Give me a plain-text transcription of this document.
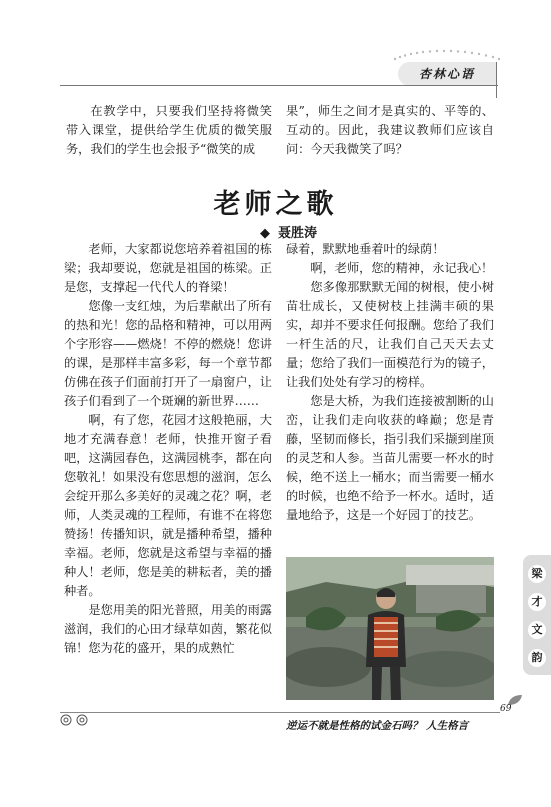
杏林心语

在教学中，只要我们坚持将微笑带入课堂，提供给学生优质的微笑服务，我们的学生也会报予“微笑的成

果”，师生之间才是真实的、平等的、互动的。因此，我建议教师们应该自问：今天我微笑了吗？

老师之歌
◆ 聂胜涛

老师，大家都说您培养着祖国的栋梁；我却要说，您就是祖国的栋梁。正是您，支撑起一代代人的脊梁！

您像一支红烛，为后辈献出了所有的热和光！您的品格和精神，可以用两个字形容——燃烧！不停的燃烧！您讲的课，是那样丰富多彩，每一个章节都仿佛在孩子们面前打开了一扇窗户，让孩子们看到了一个斑斓的新世界……

啊，有了您，花园才这般艳丽，大地才充满春意！老师，快推开窗子看吧，这满园春色，这满园桃李，都在向您敬礼！如果没有您思想的滋润，怎么会绽开那么多美好的灵魂之花？啊，老师，人类灵魂的工程师，有谁不在将您赞扬！传播知识，就是播种希望，播种幸福。老师，您就是这希望与幸福的播种人！老师，您是美的耕耘者，美的播种者。

是您用美的阳光普照，用美的雨露滋润，我们的心田才绿草如茵，繁花似锦！您为花的盛开，果的成熟忙

碌着，默默地垂着叶的绿荫！

啊，老师，您的精神，永记我心！

您多像那默默无闻的树根，使小树苗壮成长，又使树枝上挂满丰硕的果实，却并不要求任何报酬。您给了我们一杆生活的尺，让我们自己天天去丈量；您给了我们一面模范行为的镜子，让我们处处有学习的榜样。

您是大桥，为我们连接被割断的山峦，让我们走向收获的峰巅；您是青藤，坚韧而修长，指引我们采撷到崖顶的灵芝和人参。当苗儿需要一杯水的时候，绝不送上一桶水；而当需要一桶水的时候，也绝不给予一杯水。适时，适量地给予，这是一个好园丁的技艺。

梁
才
文
韵
逆运不就是性格的试金石吗？ 人生格言
69
